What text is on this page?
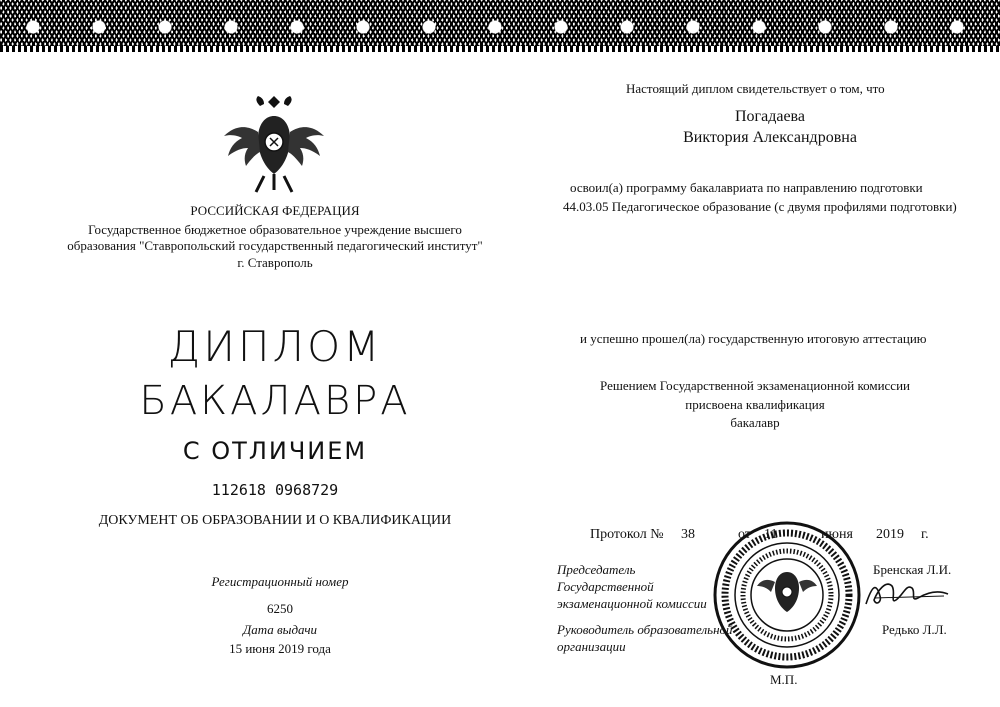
РОССИЙСКАЯ ФЕДЕРАЦИЯ
Государственное бюджетное образовательное учреждение высшего
образования "Ставропольский государственный педагогический институт"
г. Ставрополь
ДИПЛОМ
БАКАЛАВРА
С ОТЛИЧИЕМ
112618 0968729
ДОКУМЕНТ ОБ ОБРАЗОВАНИИ И О КВАЛИФИКАЦИИ
Регистрационный номер
6250
Дата выдачи
15 июня 2019 года
Настоящий диплом свидетельствует о том, что
Погадаева
Виктория Александровна
освоил(а) программу бакалавриата по направлению подготовки
44.03.05 Педагогическое образование (с двумя профилями подготовки)
и успешно прошел(ла) государственную итоговую аттестацию
Решением Государственной экзаменационной комиссии
присвоена квалификация
бакалавр
Протокол № 38	от 11	июня 2019 г.
Председатель
Государственной
экзаменационной комиссии
Бренская Л.И.
Руководитель образовательной
организации
Редько Л.Л.
М.П.
